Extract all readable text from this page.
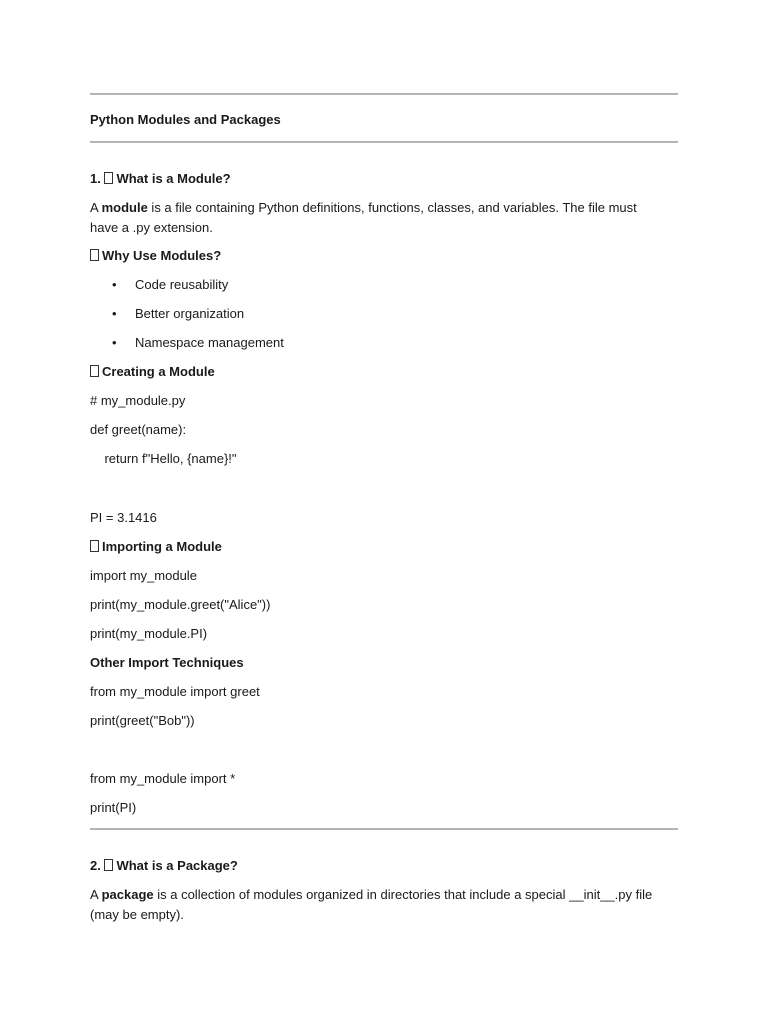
Python Modules and Packages
1. What is a Module?
A module is a file containing Python definitions, functions, classes, and variables. The file must have a .py extension.
Why Use Modules?
• Code reusability
• Better organization
• Namespace management
Creating a Module
# my_module.py
def greet(name):
return f"Hello, {name}!"
PI = 3.1416
Importing a Module
import my_module
print(my_module.greet("Alice"))
print(my_module.PI)
Other Import Techniques
from my_module import greet
print(greet("Bob"))
from my_module import *
print(PI)
2. What is a Package?
A package is a collection of modules organized in directories that include a special __init__.py file (may be empty).
